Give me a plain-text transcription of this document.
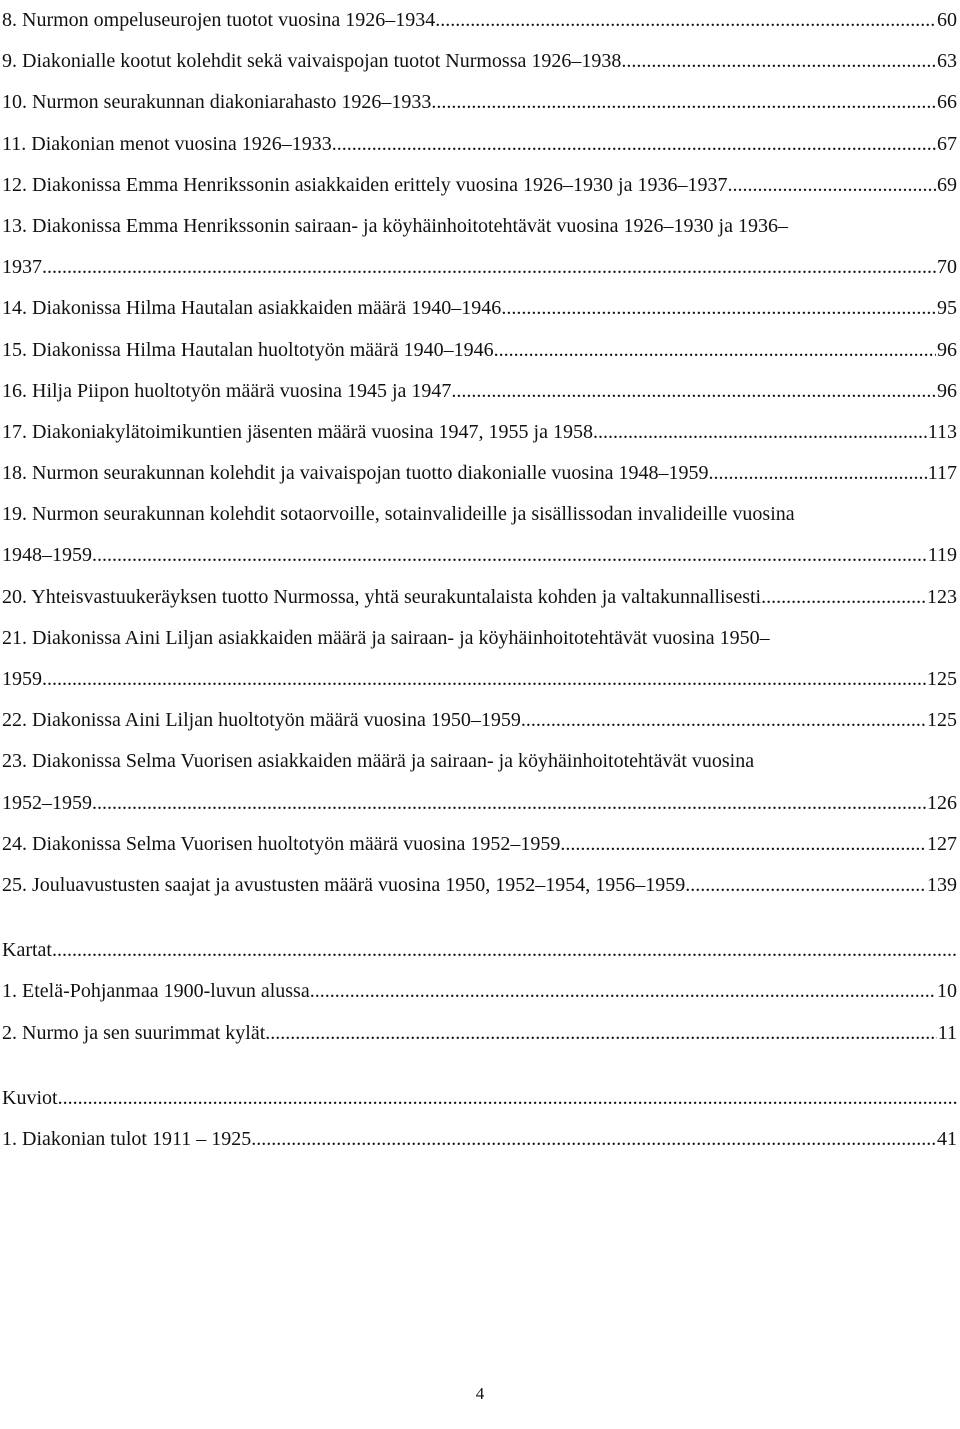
8. Nurmon ompeluseurojen tuotot vuosina 1926–1934 .....	60
9. Diakonialle kootut kolehdit sekä vaivaispojan tuotot Nurmossa 1926–1938 .....	63
10. Nurmon seurakunnan diakoniarahasto 1926–1933 .....	66
11. Diakonian menot vuosina 1926–1933 .....	67
12. Diakonissa Emma Henrikssonin asiakkaiden erittely vuosina 1926–1930 ja 1936–1937 .....	69
13. Diakonissa Emma Henrikssonin sairaan- ja köyhäinhoitotehtävät vuosina 1926–1930 ja 1936–
1937 .....	70
14. Diakonissa Hilma Hautalan asiakkaiden määrä 1940–1946 .....	95
15. Diakonissa Hilma Hautalan huoltotyön määrä 1940–1946 .....	96
16. Hilja Piipon huoltotyön määrä vuosina 1945 ja 1947 .....	96
17. Diakoniakylätoimikuntien jäsenten määrä vuosina 1947, 1955 ja 1958 .....	113
18. Nurmon seurakunnan kolehdit ja vaivaispojan tuotto diakonialle vuosina 1948–1959 .....	117
19. Nurmon seurakunnan kolehdit sotaorvoille, sotainvalideille ja sisällissodan invalideille vuosina
1948–1959 .....	119
20. Yhteisvastuukeräyksen tuotto Nurmossa, yhtä seurakuntalaista kohden ja valtakunnallisesti .....	123
21. Diakonissa Aini Liljan asiakkaiden määrä ja sairaan- ja köyhäinhoitotehtävät vuosina 1950–
1959 .....	125
22. Diakonissa Aini Liljan huoltotyön määrä vuosina 1950–1959 .....	125
23. Diakonissa Selma Vuorisen asiakkaiden määrä ja sairaan- ja köyhäinhoitotehtävät vuosina
1952–1959 .....	126
24. Diakonissa Selma Vuorisen huoltotyön määrä vuosina 1952–1959 .....	127
25. Jouluavustusten saajat ja avustusten määrä vuosina 1950, 1952–1954, 1956–1959 .....	139
Kartat
.....
1. Etelä-Pohjanmaa 1900-luvun alussa .....	10
2. Nurmo ja sen suurimmat kylät .....	11
Kuviot
.....
1. Diakonian tulot 1911 – 1925 .....	41
4
